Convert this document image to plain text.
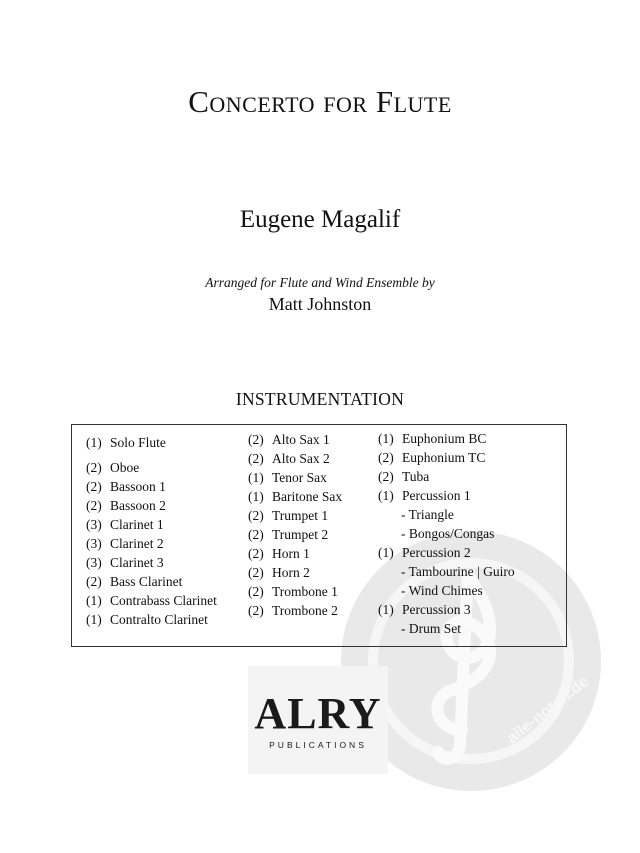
alle-noten.de
Concerto for Flute
Eugene Magalif
Arranged for Flute and Wind Ensemble by
Matt Johnston
INSTRUMENTATION
(1) Solo Flute
(2) Oboe
(2) Bassoon 1
(2) Bassoon 2
(3) Clarinet 1
(3) Clarinet 2
(3) Clarinet 3
(2) Bass Clarinet
(1) Contrabass Clarinet
(1) Contralto Clarinet
(2) Alto Sax 1
(2) Alto Sax 2
(1) Tenor Sax
(1) Baritone Sax
(2) Trumpet 1
(2) Trumpet 2
(2) Horn 1
(2) Horn 2
(2) Trombone 1
(2) Trombone 2
(1) Euphonium BC
(2) Euphonium TC
(2) Tuba
(1) Percussion 1
- Triangle
- Bongos/Congas
(1) Percussion 2
- Tambourine | Guiro
- Wind Chimes
(1) Percussion 3
- Drum Set
ALRY
PUBLICATIONS
